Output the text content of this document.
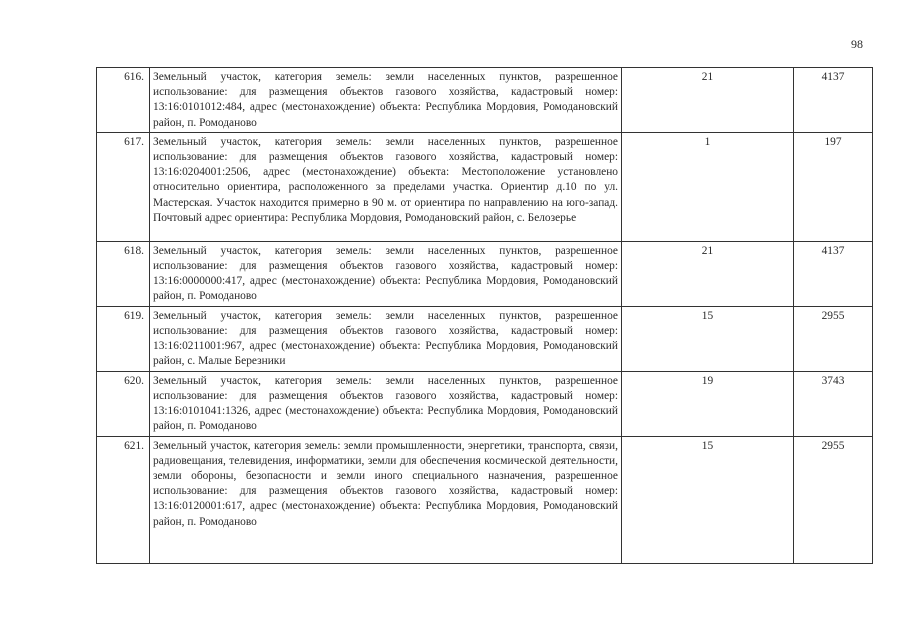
98
616.	Земельный участок, категория земель: земли населенных пунктов, разрешенное использование: для размещения объектов газового хозяйства, кадастровый номер: 13:16:0101012:484, адрес (местонахождение) объекта: Республика Мордовия, Ромодановский район, п. Ромоданово	21	4137
617.	Земельный участок, категория земель: земли населенных пунктов, разрешенное использование: для размещения объектов газового хозяйства, кадастровый номер: 13:16:0204001:2506, адрес (местонахождение) объекта: Местоположение установлено относительно ориентира, расположенного за пределами участка. Ориентир д.10 по ул. Мастерская. Участок находится примерно в 90 м. от ориентира по направлению на юго-запад. Почтовый адрес ориентира: Республика Мордовия, Ромодановский район, с. Белозерье	1	197
618.	Земельный участок, категория земель: земли населенных пунктов, разрешенное использование: для размещения объектов газового хозяйства, кадастровый номер: 13:16:0000000:417, адрес (местонахождение) объекта: Республика Мордовия, Ромодановский район, п. Ромоданово	21	4137
619.	Земельный участок, категория земель: земли населенных пунктов, разрешенное использование: для размещения объектов газового хозяйства, кадастровый номер: 13:16:0211001:967, адрес (местонахождение) объекта: Республика Мордовия, Ромодановский район, с. Малые Березники	15	2955
620.	Земельный участок, категория земель: земли населенных пунктов, разрешенное использование: для размещения объектов газового хозяйства, кадастровый номер: 13:16:0101041:1326, адрес (местонахождение) объекта: Республика Мордовия, Ромодановский район, п. Ромоданово	19	3743
621.	Земельный участок, категория земель: земли промышленности, энергетики, транспорта, связи, радиовещания, телевидения, информатики, земли для обеспечения космической деятельности, земли обороны, безопасности и земли иного специального назначения, разрешенное использование: для размещения объектов газового хозяйства, кадастровый номер: 13:16:0120001:617, адрес (местонахождение) объекта: Республика Мордовия, Ромодановский район, п. Ромоданово	15	2955
